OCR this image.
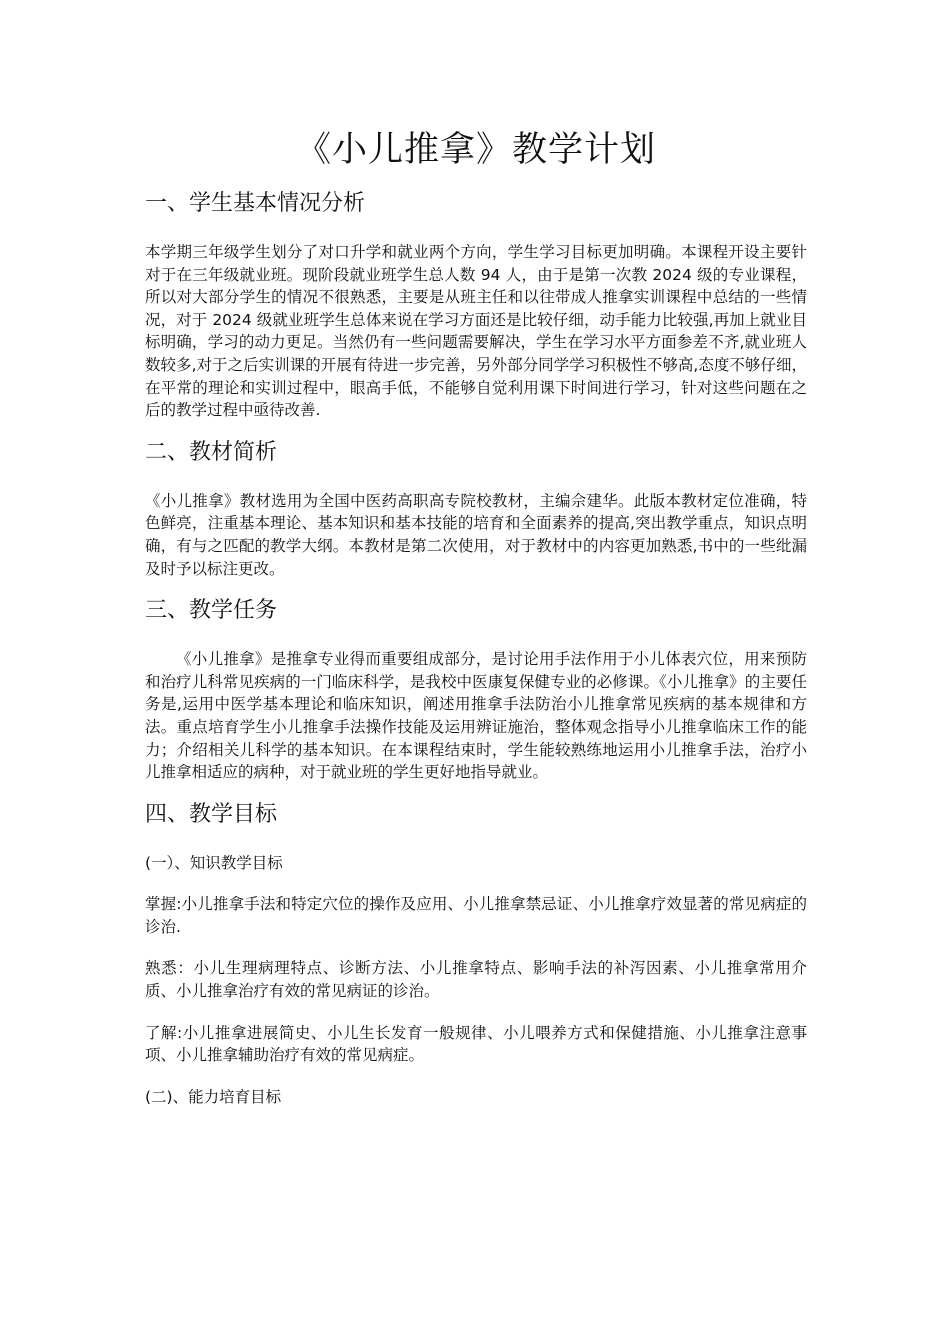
《小儿推拿》教学计划
一、学生基本情况分析

本学期三年级学生划分了对口升学和就业两个方向，学生学习目标更加明确。本课程开设主要针对于在三年级就业班。现阶段就业班学生总人数 94 人，由于是第一次教 2024 级的专业课程，所以对大部分学生的情况不很熟悉，主要是从班主任和以往带成人推拿实训课程中总结的一些情况，对于 2024 级就业班学生总体来说在学习方面还是比较仔细，动手能力比较强,再加上就业目标明确，学习的动力更足。当然仍有一些问题需要解决，学生在学习水平方面参差不齐,就业班人数较多,对于之后实训课的开展有待进一步完善，另外部分同学学习积极性不够高,态度不够仔细，在平常的理论和实训过程中，眼高手低，不能够自觉利用课下时间进行学习，针对这些问题在之后的教学过程中亟待改善.

二、教材简析

《小儿推拿》教材选用为全国中医药高职高专院校教材，主编佘建华。此版本教材定位准确，特色鲜亮，注重基本理论、基本知识和基本技能的培育和全面素养的提高,突出教学重点，知识点明确，有与之匹配的教学大纲。本教材是第二次使用，对于教材中的内容更加熟悉,书中的一些纰漏及时予以标注更改。

三、教学任务

《小儿推拿》是推拿专业得而重要组成部分，是讨论用手法作用于小儿体表穴位，用来预防和治疗儿科常见疾病的一门临床科学，是我校中医康复保健专业的必修课。《小儿推拿》的主要任务是,运用中医学基本理论和临床知识，阐述用推拿手法防治小儿推拿常见疾病的基本规律和方法。重点培育学生小儿推拿手法操作技能及运用辨证施治，整体观念指导小儿推拿临床工作的能力；介绍相关儿科学的基本知识。在本课程结束时，学生能较熟练地运用小儿推拿手法，治疗小儿推拿相适应的病种，对于就业班的学生更好地指导就业。

四、教学目标

(一）、知识教学目标

掌握:小儿推拿手法和特定穴位的操作及应用、小儿推拿禁忌证、小儿推拿疗效显著的常见病症的诊治.

熟悉：小儿生理病理特点、诊断方法、小儿推拿特点、影响手法的补泻因素、小儿推拿常用介质、小儿推拿治疗有效的常见病证的诊治。

了解:小儿推拿进展简史、小儿生长发育一般规律、小儿喂养方式和保健措施、小儿推拿注意事项、小儿推拿辅助治疗有效的常见病症。

(二)、能力培育目标
